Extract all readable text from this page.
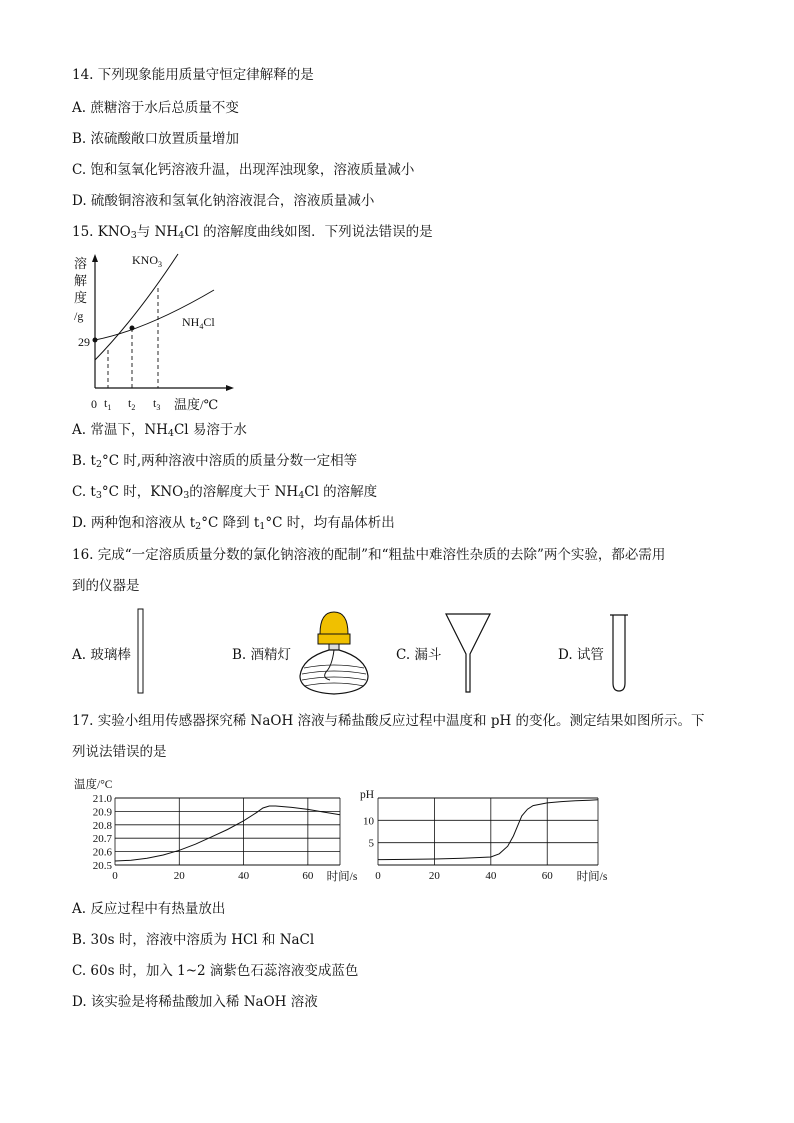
14. 下列现象能用质量守恒定律解释的是
A. 蔗糖溶于水后总质量不变
B. 浓硫酸敞口放置质量增加
C. 饱和氢氧化钙溶液升温，出现浑浊现象，溶液质量减小
D. 硫酸铜溶液和氢氧化钠溶液混合，溶液质量减小
15. $KNO_3$与 $NH_4Cl$ 的溶解度曲线如图．下列说法错误的是
溶
解
度
/g
29
0 $t_1$ $t_2$ $t_3$ 温度/℃
$KNO_3$
$NH_4Cl$
A. 常温下，$NH_4Cl$ 易溶于水
B. $t_2^\circ C$ 时,两种溶液中溶质的质量分数一定相等
C. $t_3^\circ C$ 时，$KNO_3$的溶解度大于 $NH_4Cl$ 的溶解度
D. 两种饱和溶液从 $t_2^\circ C$ 降到 $t_1^\circ C$ 时，均有晶体析出
16. 完成“一定溶质质量分数的氯化钠溶液的配制”和“粗盐中难溶性杂质的去除”两个实验，都必需用
到的仪器是
A. 玻璃棒	B. 酒精灯	C. 漏斗	D. 试管
17. 实验小组用传感器探究稀 NaOH 溶液与稀盐酸反应过程中温度和 pH 的变化。测定结果如图所示。下
列说法错误的是
温度/°C
21.0
20.9
20.8
20.7
20.6
20.5
0	20	40	60 时间/s
pH
10
5
0	20	40	60 时间/s
A. 反应过程中有热量放出
B. 30s 时，溶液中溶质为 HCl 和 NaCl
C. 60s 时，加入 1~2 滴紫色石蕊溶液变成蓝色
D. 该实验是将稀盐酸加入稀 NaOH 溶液
